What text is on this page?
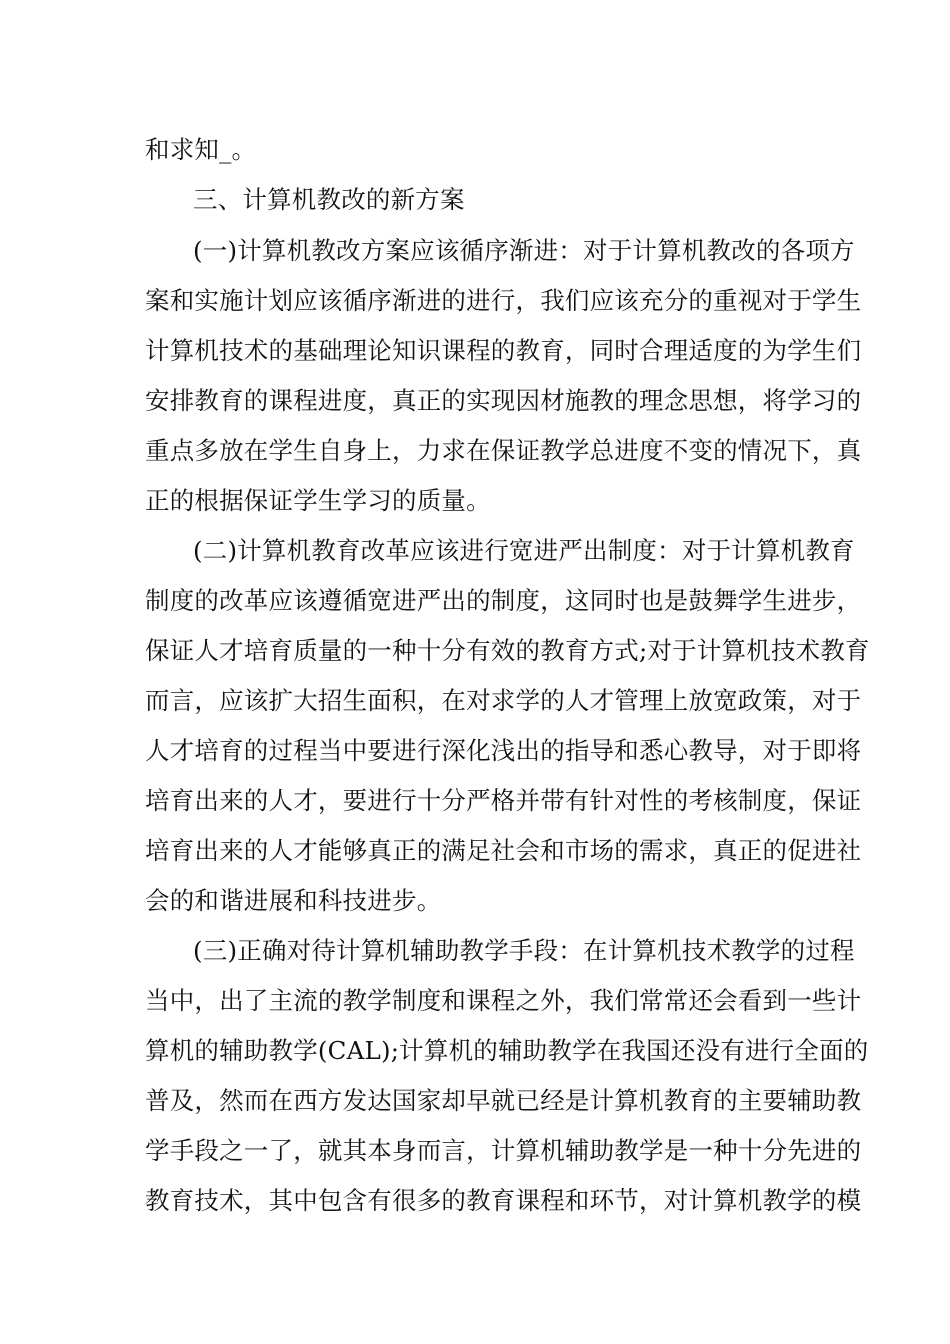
和求知_。
三、计算机教改的新方案
(一)计算机教改方案应该循序渐进：对于计算机教改的各项方
案和实施计划应该循序渐进的进行，我们应该充分的重视对于学生
计算机技术的基础理论知识课程的教育，同时合理适度的为学生们
安排教育的课程进度，真正的实现因材施教的理念思想，将学习的
重点多放在学生自身上，力求在保证教学总进度不变的情况下，真
正的根据保证学生学习的质量。
(二)计算机教育改革应该进行宽进严出制度：对于计算机教育
制度的改革应该遵循宽进严出的制度，这同时也是鼓舞学生进步，
保证人才培育质量的一种十分有效的教育方式;对于计算机技术教育
而言，应该扩大招生面积，在对求学的人才管理上放宽政策，对于
人才培育的过程当中要进行深化浅出的指导和悉心教导，对于即将
培育出来的人才，要进行十分严格并带有针对性的考核制度，保证
培育出来的人才能够真正的满足社会和市场的需求，真正的促进社
会的和谐进展和科技进步。
(三)正确对待计算机辅助教学手段：在计算机技术教学的过程
当中，出了主流的教学制度和课程之外，我们常常还会看到一些计
算机的辅助教学(CAL);计算机的辅助教学在我国还没有进行全面的
普及，然而在西方发达国家却早就已经是计算机教育的主要辅助教
学手段之一了，就其本身而言，计算机辅助教学是一种十分先进的
教育技术，其中包含有很多的教育课程和环节，对计算机教学的模
